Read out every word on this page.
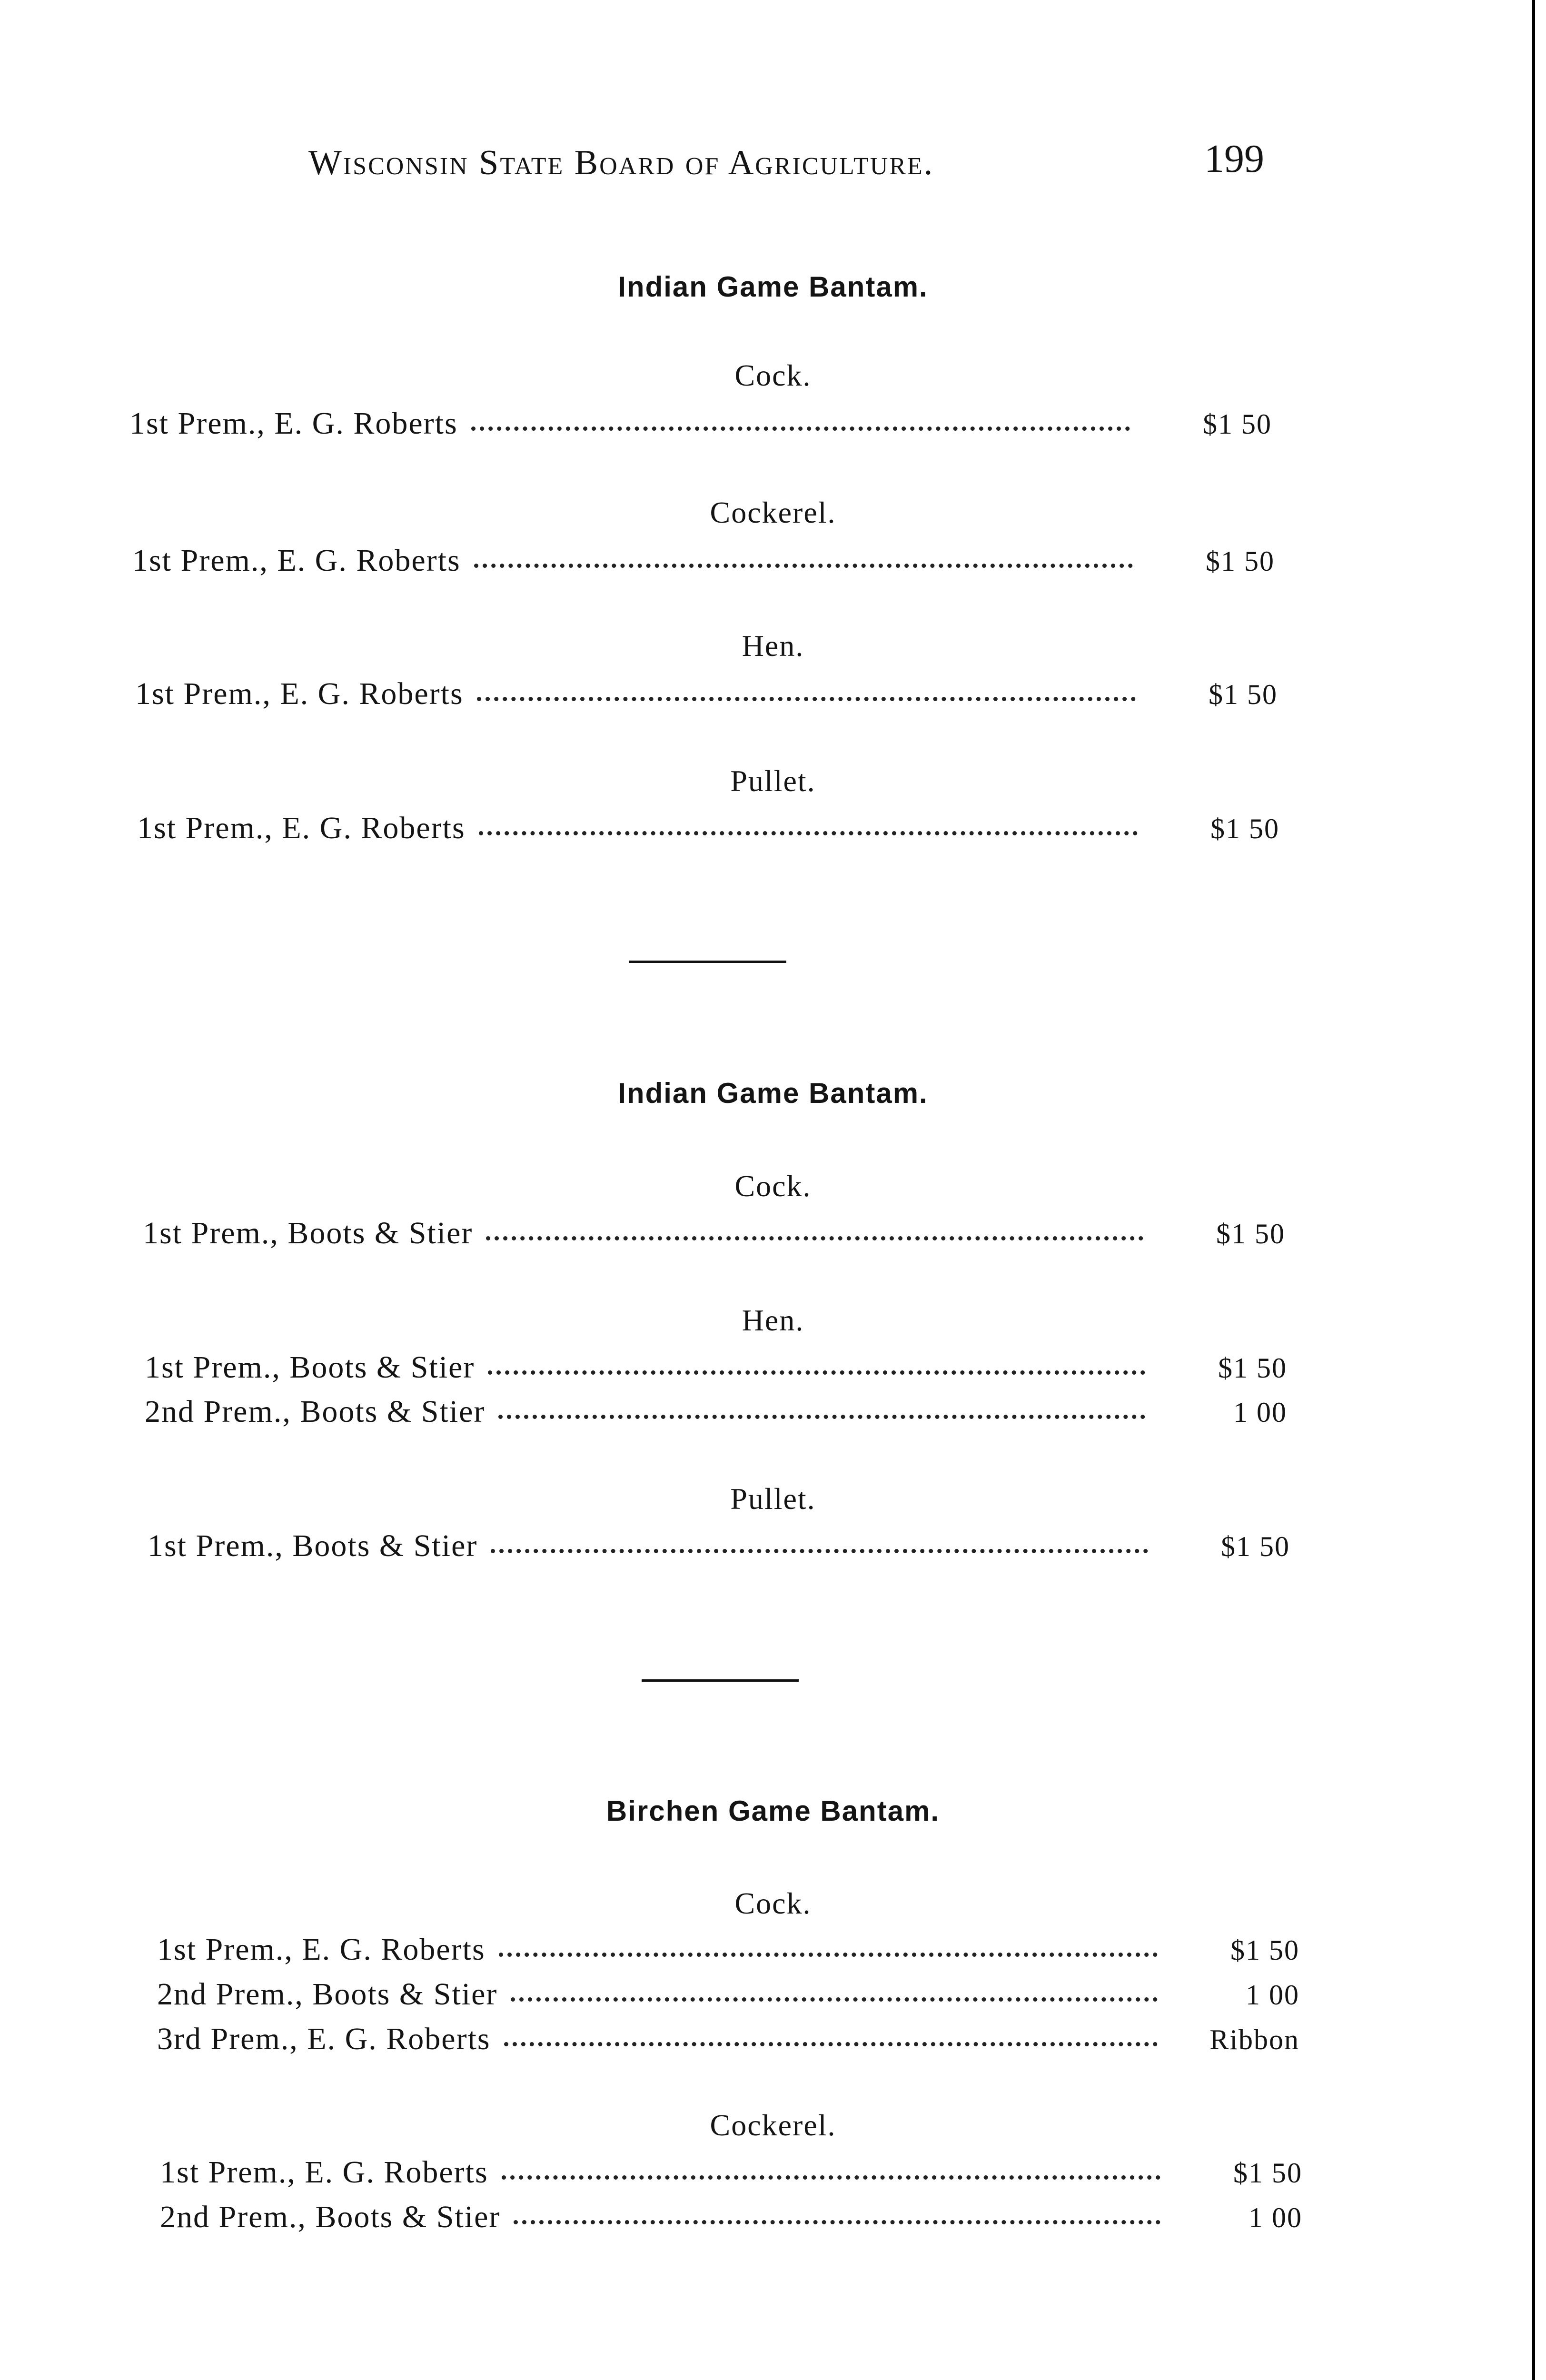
Wisconsin State Board of Agriculture.	199
Indian Game Bantam.
Cock.
1st Prem., E. G. Roberts	$1 50
Cockerel.
1st Prem., E. G. Roberts	$1 50
Hen.
1st Prem., E. G. Roberts	$1 50
Pullet.
1st Prem., E. G. Roberts	$1 50
Indian Game Bantam.
Cock.
1st Prem., Boots & Stier	$1 50
Hen.
1st Prem., Boots & Stier	$1 50
2nd Prem., Boots & Stier	1 00
Pullet.
1st Prem., Boots & Stier	$1 50
Birchen Game Bantam.
Cock.
1st Prem., E. G. Roberts	$1 50
2nd Prem., Boots & Stier	1 00
3rd Prem., E. G. Roberts	Ribbon
Cockerel.
1st Prem., E. G. Roberts	$1 50
2nd Prem., Boots & Stier	1 00
